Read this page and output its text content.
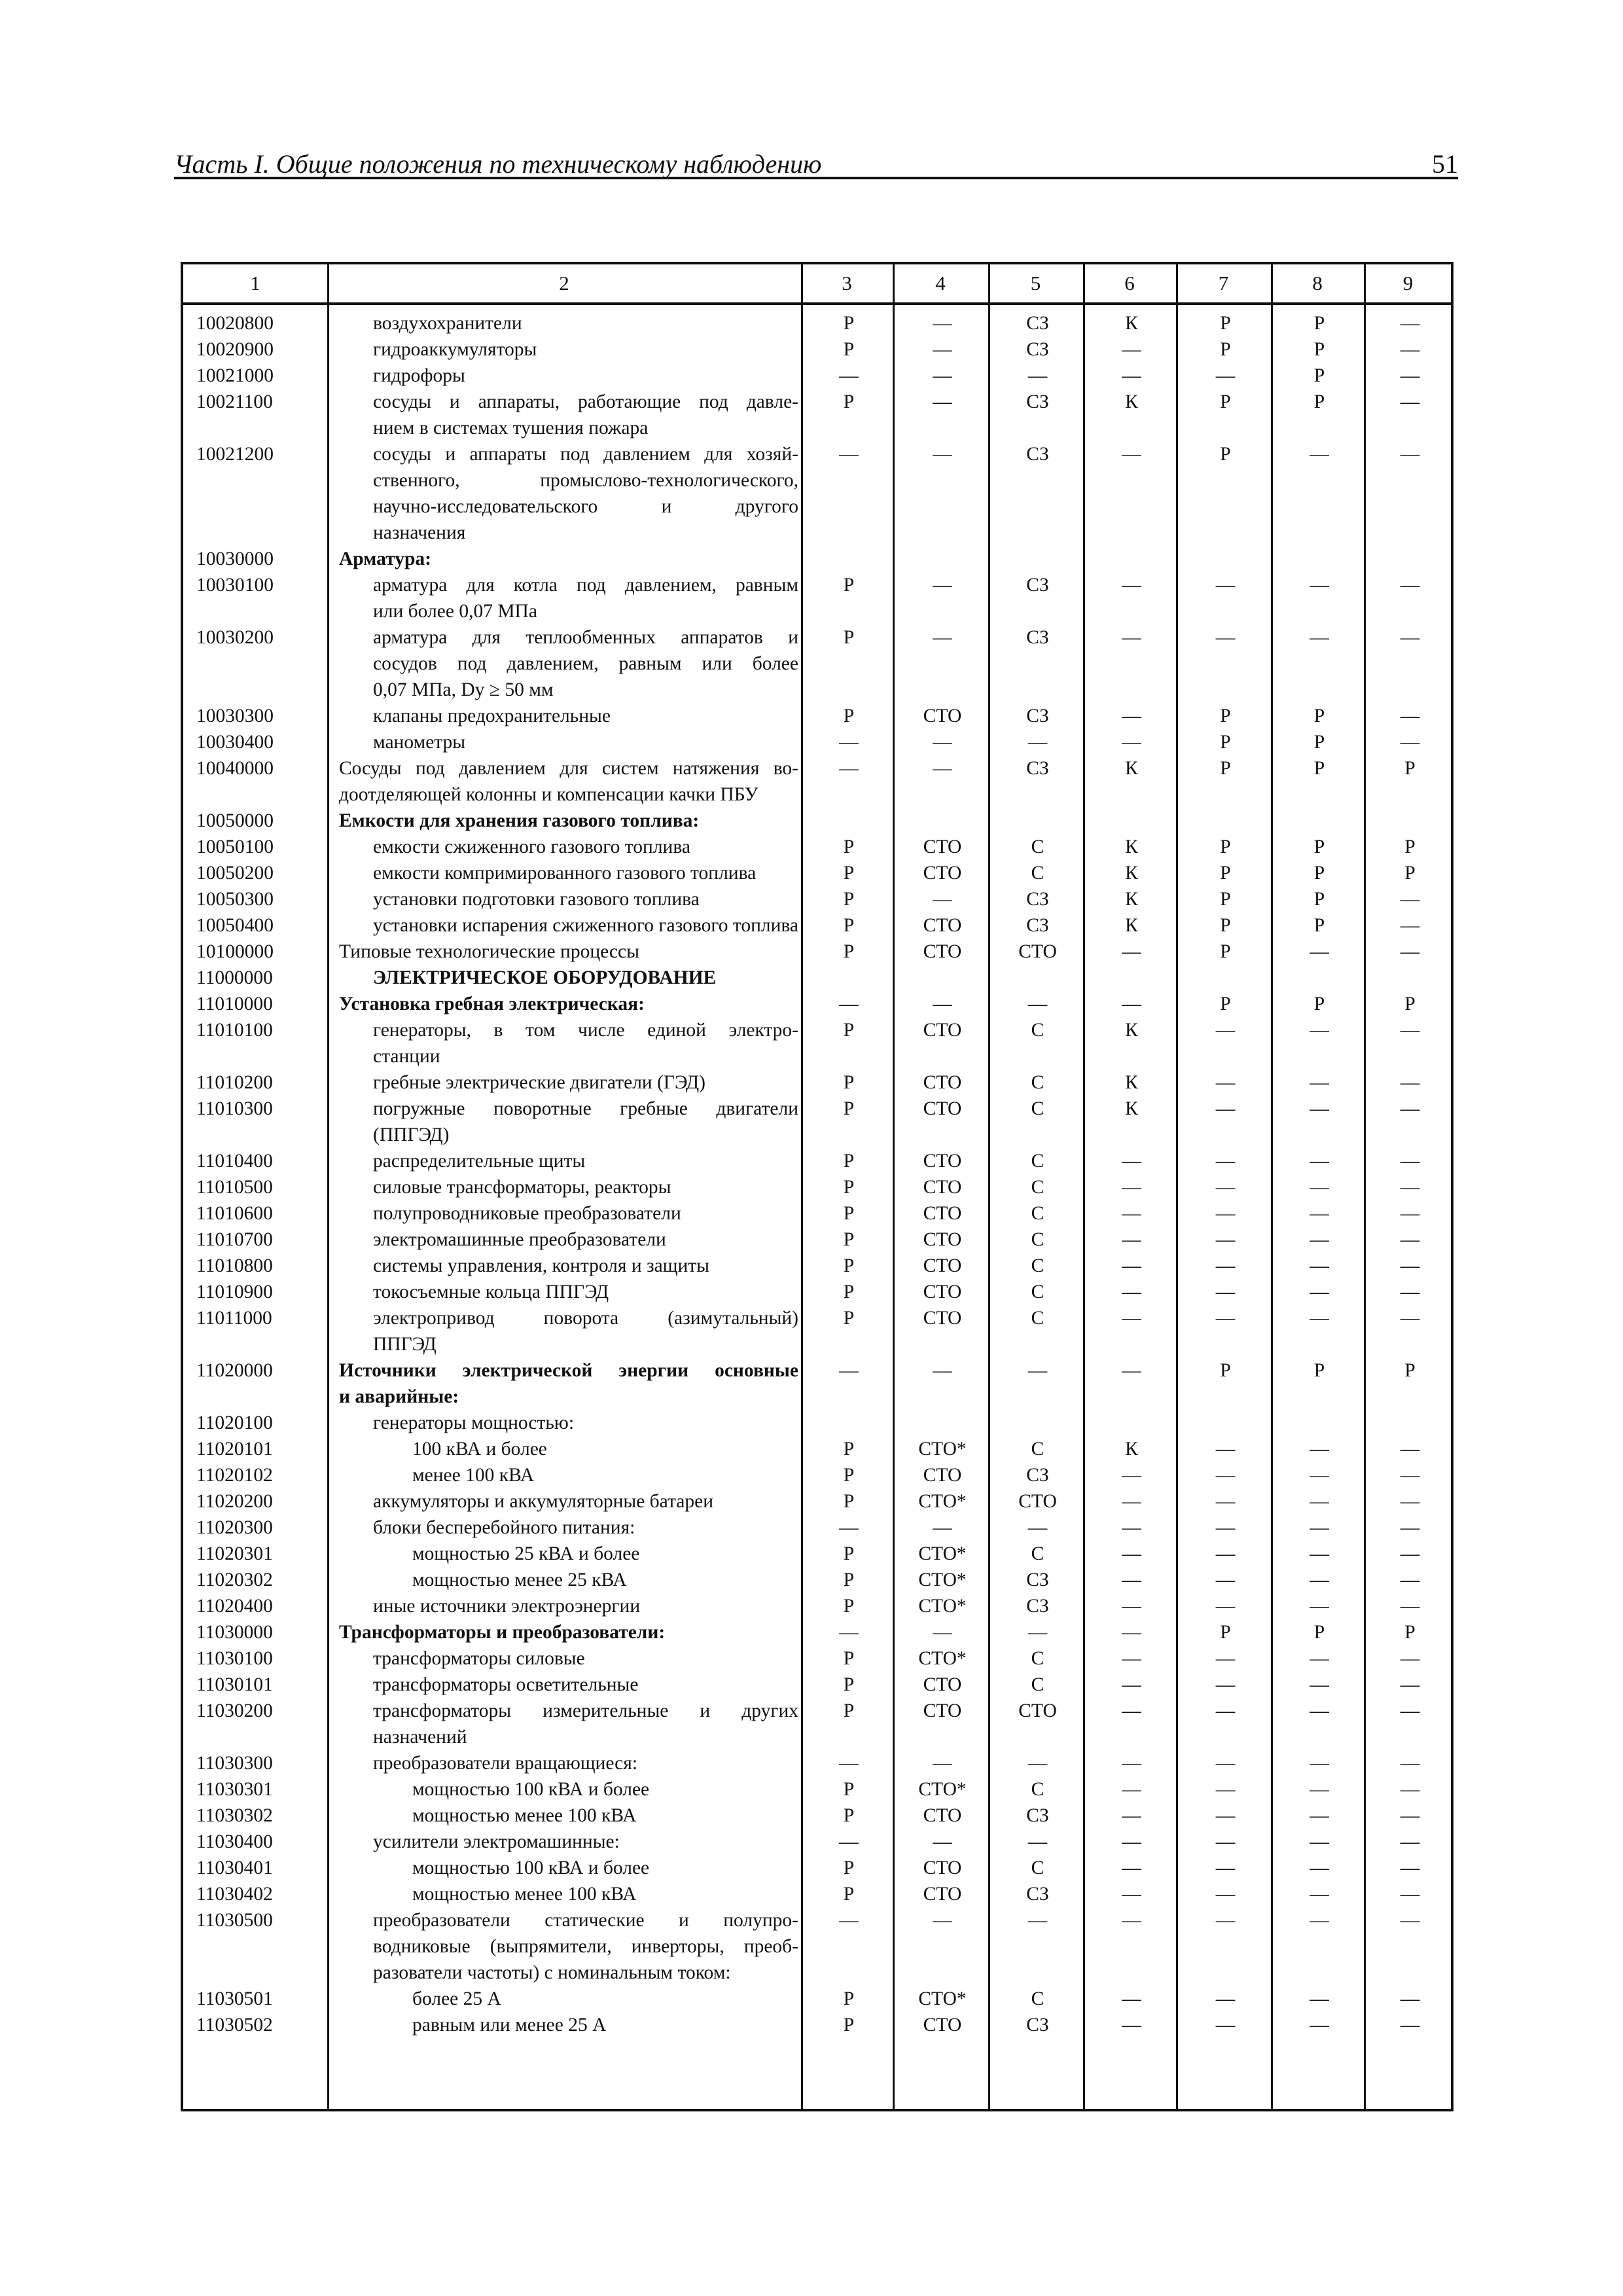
Часть I. Общие положения по техническому наблюдению	51
1	2	3	4	5	6	7	8	9
10020800	воздухохранители	Р	—	СЗ	К	Р	Р	—
10020900	гидроаккумуляторы	Р	—	СЗ	—	Р	Р	—
10021000	гидрофоры	—	—	—	—	—	Р	—
10021100	сосуды и аппараты, работающие под давле-
нием в системах тушения пожара
Р	—	СЗ	К	Р	Р	—
10021200	сосуды и аппараты под давлением для хозяй-
ственного, промыслово-технологического,
научно-исследовательского и другого
назначения
—	—	СЗ	—	Р	—	—
10030000	Арматура:
10030100	арматура для котла под давлением, равным
или более 0,07 МПа
Р	—	СЗ	—	—	—	—
10030200	арматура для теплообменных аппаратов и
сосудов под давлением, равным или более
0,07 МПа, Dу ≥ 50 мм
Р	—	СЗ	—	—	—	—
10030300	клапаны предохранительные	Р	СТО	СЗ	—	Р	Р	—
10030400	манометры	—	—	—	—	Р	Р	—
10040000	Сосуды под давлением для систем натяжения во-
доотделяющей колонны и компенсации качки ПБУ
—	—	СЗ	К	Р	Р	Р
10050000	Емкости для хранения газового топлива:
10050100	емкости сжиженного газового топлива	Р	СТО	С	К	Р	Р	Р
10050200	емкости компримированного газового топлива	Р	СТО	С	К	Р	Р	Р
10050300	установки подготовки газового топлива	Р	—	СЗ	К	Р	Р	—
10050400	установки испарения сжиженного газового топлива	Р	СТО	СЗ	К	Р	Р	—
10100000	Типовые технологические процессы	Р	СТО	СТО	—	Р	—	—
11000000	ЭЛЕКТРИЧЕСКОЕ ОБОРУДОВАНИЕ
11010000	Установка гребная электрическая:	—	—	—	—	Р	Р	Р
11010100	генераторы, в том числе единой электро-
станции
Р	СТО	С	К	—	—	—
11010200	гребные электрические двигатели (ГЭД)	Р	СТО	С	К	—	—	—
11010300	погружные поворотные гребные двигатели
(ППГЭД)
Р	СТО	С	К	—	—	—
11010400	распределительные щиты	Р	СТО	С	—	—	—	—
11010500	силовые трансформаторы, реакторы	Р	СТО	С	—	—	—	—
11010600	полупроводниковые преобразователи	Р	СТО	С	—	—	—	—
11010700	электромашинные преобразователи	Р	СТО	С	—	—	—	—
11010800	системы управления, контроля и защиты	Р	СТО	С	—	—	—	—
11010900	токосъемные кольца ППГЭД	Р	СТО	С	—	—	—	—
11011000	электропривод поворота (азимутальный)
ППГЭД
Р	СТО	С	—	—	—	—
11020000	Источники электрической энергии основные
и аварийные:
—	—	—	—	Р	Р	Р
11020100	генераторы мощностью:
11020101	100 кВА и более	Р	СТО*	С	К	—	—	—
11020102	менее 100 кВА	Р	СТО	СЗ	—	—	—	—
11020200	аккумуляторы и аккумуляторные батареи	Р	СТО*	СТО	—	—	—	—
11020300	блоки бесперебойного питания:	—	—	—	—	—	—	—
11020301	мощностью 25 кВА и более	Р	СТО*	С	—	—	—	—
11020302	мощностью менее 25 кВА	Р	СТО*	СЗ	—	—	—	—
11020400	иные источники электроэнергии	Р	СТО*	СЗ	—	—	—	—
11030000	Трансформаторы и преобразователи:	—	—	—	—	Р	Р	Р
11030100	трансформаторы силовые	Р	СТО*	С	—	—	—	—
11030101	трансформаторы осветительные	Р	СТО	С	—	—	—	—
11030200	трансформаторы измерительные и других
назначений
Р	СТО	СТО	—	—	—	—
11030300	преобразователи вращающиеся:	—	—	—	—	—	—	—
11030301	мощностью 100 кВА и более	Р	СТО*	С	—	—	—	—
11030302	мощностью менее 100 кВА	Р	СТО	СЗ	—	—	—	—
11030400	усилители электромашинные:	—	—	—	—	—	—	—
11030401	мощностью 100 кВА и более	Р	СТО	С	—	—	—	—
11030402	мощностью менее 100 кВА	Р	СТО	СЗ	—	—	—	—
11030500	преобразователи статические и полупро-
водниковые (выпрямители, инверторы, преоб-
разователи частоты) с номинальным током:
—	—	—	—	—	—	—
11030501	более 25 А	Р	СТО*	С	—	—	—	—
11030502	равным или менее 25 А	Р	СТО	СЗ	—	—	—	—
